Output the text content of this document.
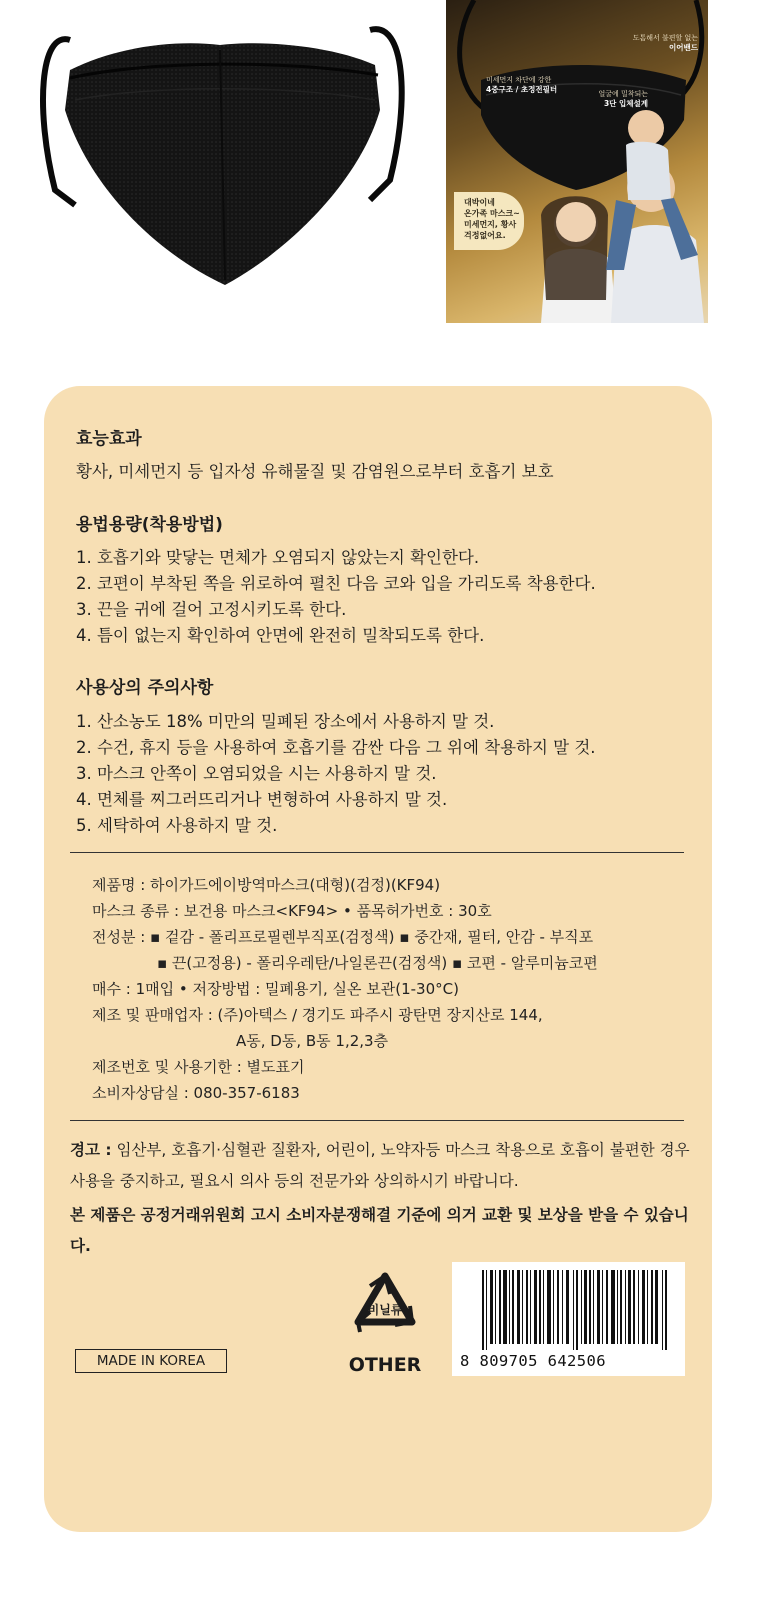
도톰해서 불편할 없는
이어밴드
미세먼지 차단에 강한
4중구조 / 초정전필터	얼굴에 밀착되는
3단 입체설계
대박이네
온가족 마스크~
미세먼지, 황사
걱정없어요.
효능효과
황사, 미세먼지 등 입자성 유해물질 및 감염원으로부터 호흡기 보호
용법용량(착용방법)
1. 호흡기와 맞닿는 면체가 오염되지 않았는지 확인한다.
2. 코편이 부착된 쪽을 위로하여 펼친 다음 코와 입을 가리도록 착용한다.
3. 끈을 귀에 걸어 고정시키도록 한다.
4. 틈이 없는지 확인하여 안면에 완전히 밀착되도록 한다.
사용상의 주의사항
1. 산소농도 18% 미만의 밀폐된 장소에서 사용하지 말 것.
2. 수건, 휴지 등을 사용하여 호흡기를 감싼 다음 그 위에 착용하지 말 것.
3. 마스크 안쪽이 오염되었을 시는 사용하지 말 것.
4. 면체를 찌그러뜨리거나 변형하여 사용하지 말 것.
5. 세탁하여 사용하지 말 것.
제품명 : 하이가드에이방역마스크(대형)(검정)(KF94)
마스크 종류 : 보건용 마스크<KF94> • 품목허가번호 : 30호
전성분 : ▪ 겉감 - 폴리프로필렌부직포(검정색) ▪ 중간재, 필터, 안감 - 부직포
▪ 끈(고정용) - 폴리우레탄/나일론끈(검정색) ▪ 코편 - 알루미늄코편
매수 : 1매입 • 저장방법 : 밀폐용기, 실온 보관(1-30°C)
제조 및 판매업자 : (주)아텍스 / 경기도 파주시 광탄면 장지산로 144,
A동, D동, B동 1,2,3층
제조번호 및 사용기한 : 별도표기
소비자상담실 : 080-357-6183
경고 : 임산부, 호흡기·심혈관 질환자, 어린이, 노약자등 마스크 착용으로 호흡이 불편한 경우 사용을 중지하고, 필요시 의사 등의 전문가와 상의하시기 바랍니다.
본 제품은 공정거래위원회 고시 소비자분쟁해결 기준에 의거 교환 및 보상을 받을 수 있습니다.
MADE IN KOREA
비닐류
OTHER	8 809705 642506
